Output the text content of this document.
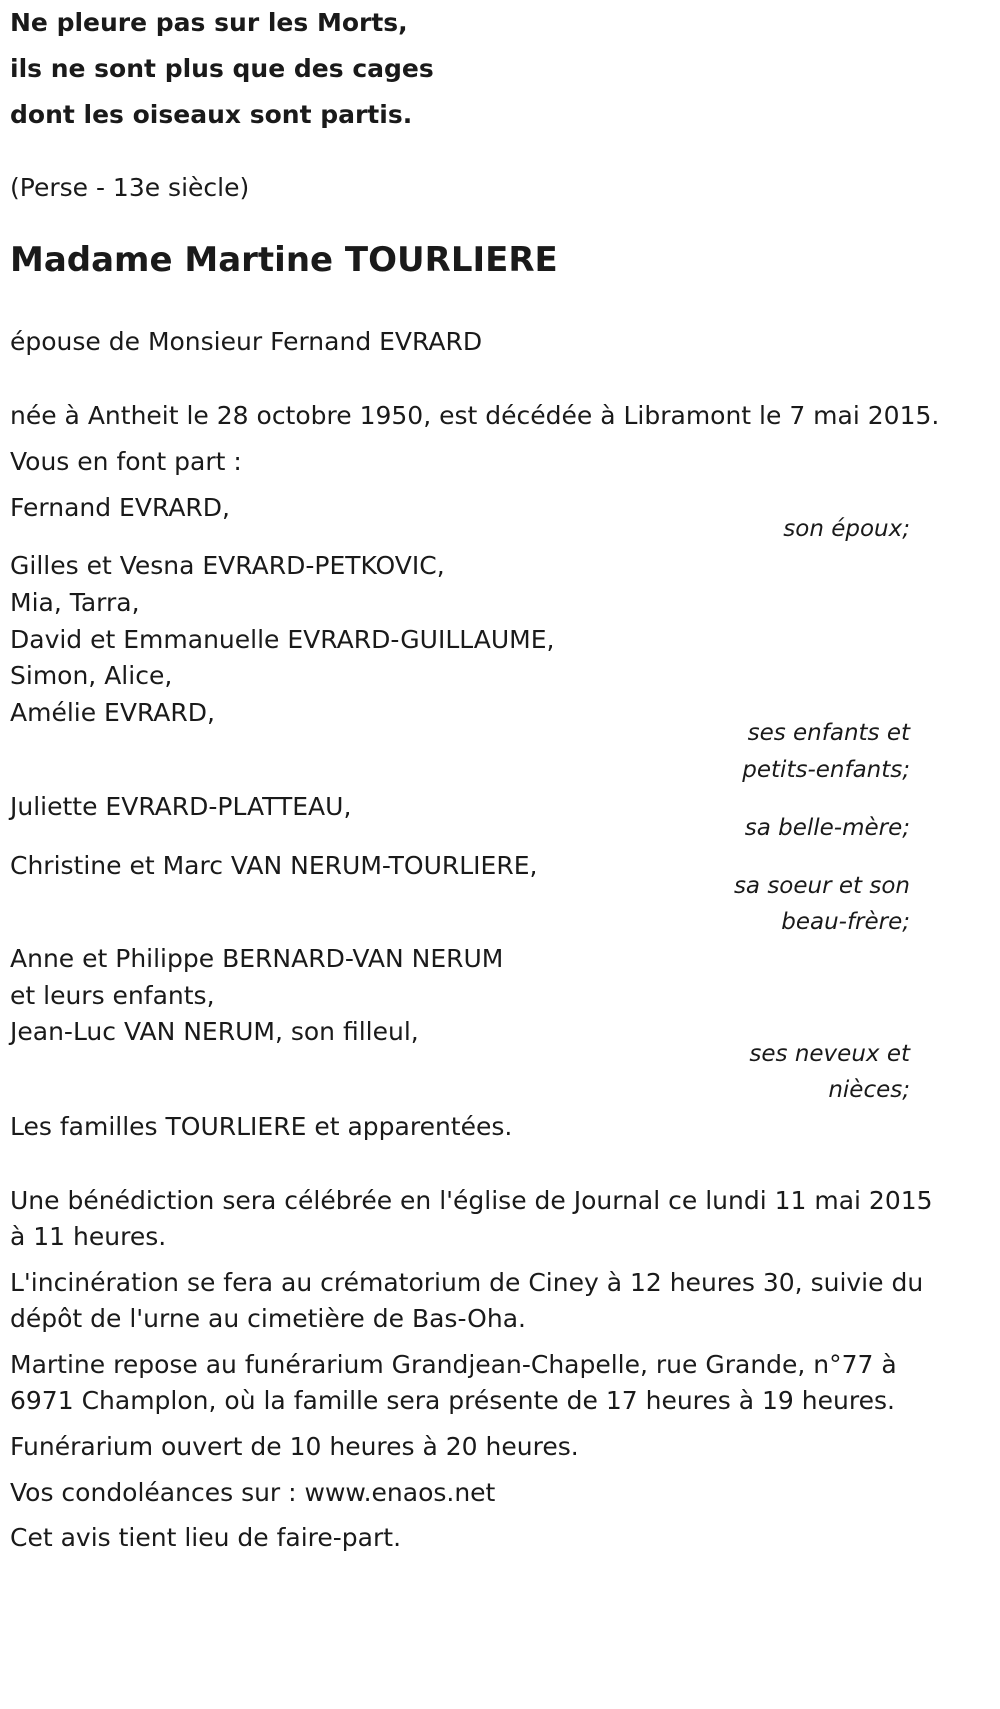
Ne pleure pas sur les Morts,
ils ne sont plus que des cages
dont les oiseaux sont partis.
(Perse - 13e siècle)
Madame Martine TOURLIERE
épouse de Monsieur Fernand EVRARD
née à Antheit le 28 octobre 1950, est décédée à Libramont le 7 mai 2015.
Vous en font part :
Fernand EVRARD,
son époux;
Gilles et Vesna EVRARD-PETKOVIC,
Mia, Tarra,
David et Emmanuelle EVRARD-GUILLAUME,
Simon, Alice,
Amélie EVRARD,
ses enfants et
petits-enfants;
Juliette EVRARD-PLATTEAU,
sa belle-mère;
Christine et Marc VAN NERUM-TOURLIERE,
sa soeur et son
beau-frère;
Anne et Philippe BERNARD-VAN NERUM
et leurs enfants,
Jean-Luc VAN NERUM, son filleul,
ses neveux et
nièces;
Les familles TOURLIERE et apparentées.
Une bénédiction sera célébrée en l'église de Journal ce lundi 11 mai 2015
à 11 heures.
L'incinération se fera au crématorium de Ciney à 12 heures 30, suivie du
dépôt de l'urne au cimetière de Bas-Oha.
Martine repose au funérarium Grandjean-Chapelle, rue Grande, n°77 à
6971 Champlon, où la famille sera présente de 17 heures à 19 heures.
Funérarium ouvert de 10 heures à 20 heures.
Vos condoléances sur : www.enaos.net
Cet avis tient lieu de faire-part.
